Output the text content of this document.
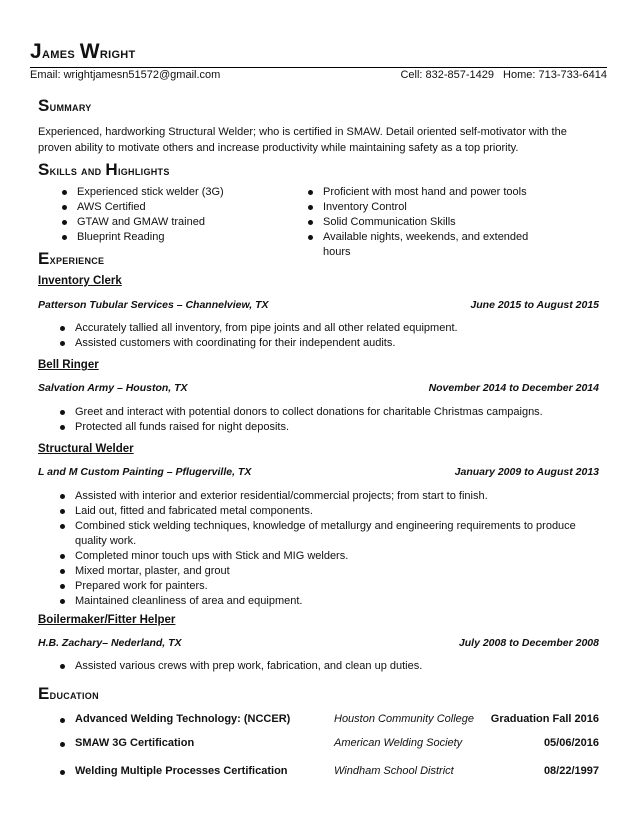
James Wright
Email: wrightjamesn51572@gmail.com	Cell: 832-857-1429 Home: 713-733-6414
Summary
Experienced, hardworking Structural Welder; who is certified in SMAW. Detail oriented self-motivator with the proven ability to motivate others and increase productivity while maintaining safety as a top priority.
Skills and Highlights
Experienced stick welder (3G)
AWS Certified
GTAW and GMAW trained
Blueprint Reading
Proficient with most hand and power tools
Inventory Control
Solid Communication Skills
Available nights, weekends, and extended hours
Experience
Inventory Clerk
Patterson Tubular Services – Channelview, TX	June 2015 to August 2015
Accurately tallied all inventory, from pipe joints and all other related equipment.
Assisted customers with coordinating for their independent audits.
Bell Ringer
Salvation Army – Houston, TX	November 2014 to December 2014
Greet and interact with potential donors to collect donations for charitable Christmas campaigns.
Protected all funds raised for night deposits.
Structural Welder
L and M Custom Painting – Pflugerville, TX	January 2009 to August 2013
Assisted with interior and exterior residential/commercial projects; from start to finish.
Laid out, fitted and fabricated metal components.
Combined stick welding techniques, knowledge of metallurgy and engineering requirements to produce quality work.
Completed minor touch ups with Stick and MIG welders.
Mixed mortar, plaster, and grout
Prepared work for painters.
Maintained cleanliness of area and equipment.
Boilermaker/Fitter Helper
H.B. Zachary– Nederland, TX	July 2008 to December 2008
Assisted various crews with prep work, fabrication, and clean up duties.
Education
Advanced Welding Technology: (NCCER)	Houston Community College Graduation Fall 2016
SMAW 3G Certification	American Welding Society	05/06/2016
Welding Multiple Processes Certification	Windham School District	08/22/1997
